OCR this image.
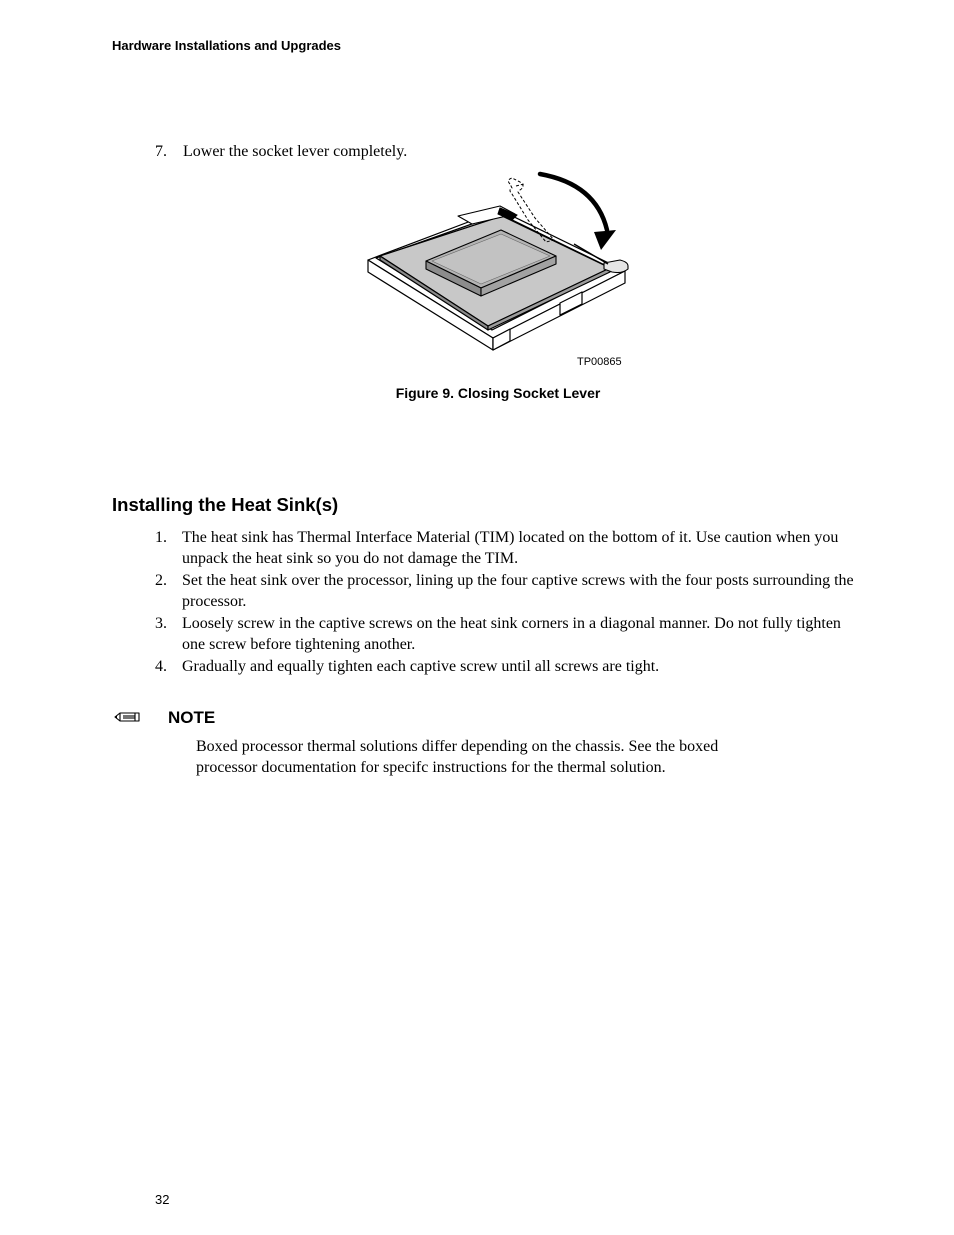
Hardware Installations and Upgrades
7. Lower the socket lever completely.
TP00865
Figure 9. Closing Socket Lever
Installing the Heat Sink(s)
1. The heat sink has Thermal Interface Material (TIM) located on the bottom of it. Use caution when you unpack the heat sink so you do not damage the TIM.
2. Set the heat sink over the processor, lining up the four captive screws with the four posts surrounding the processor.
3. Loosely screw in the captive screws on the heat sink corners in a diagonal manner. Do not fully tighten one screw before tightening another.
4. Gradually and equally tighten each captive screw until all screws are tight.
NOTE
Boxed processor thermal solutions differ depending on the chassis. See the boxed processor documentation for specifc instructions for the thermal solution.
32
